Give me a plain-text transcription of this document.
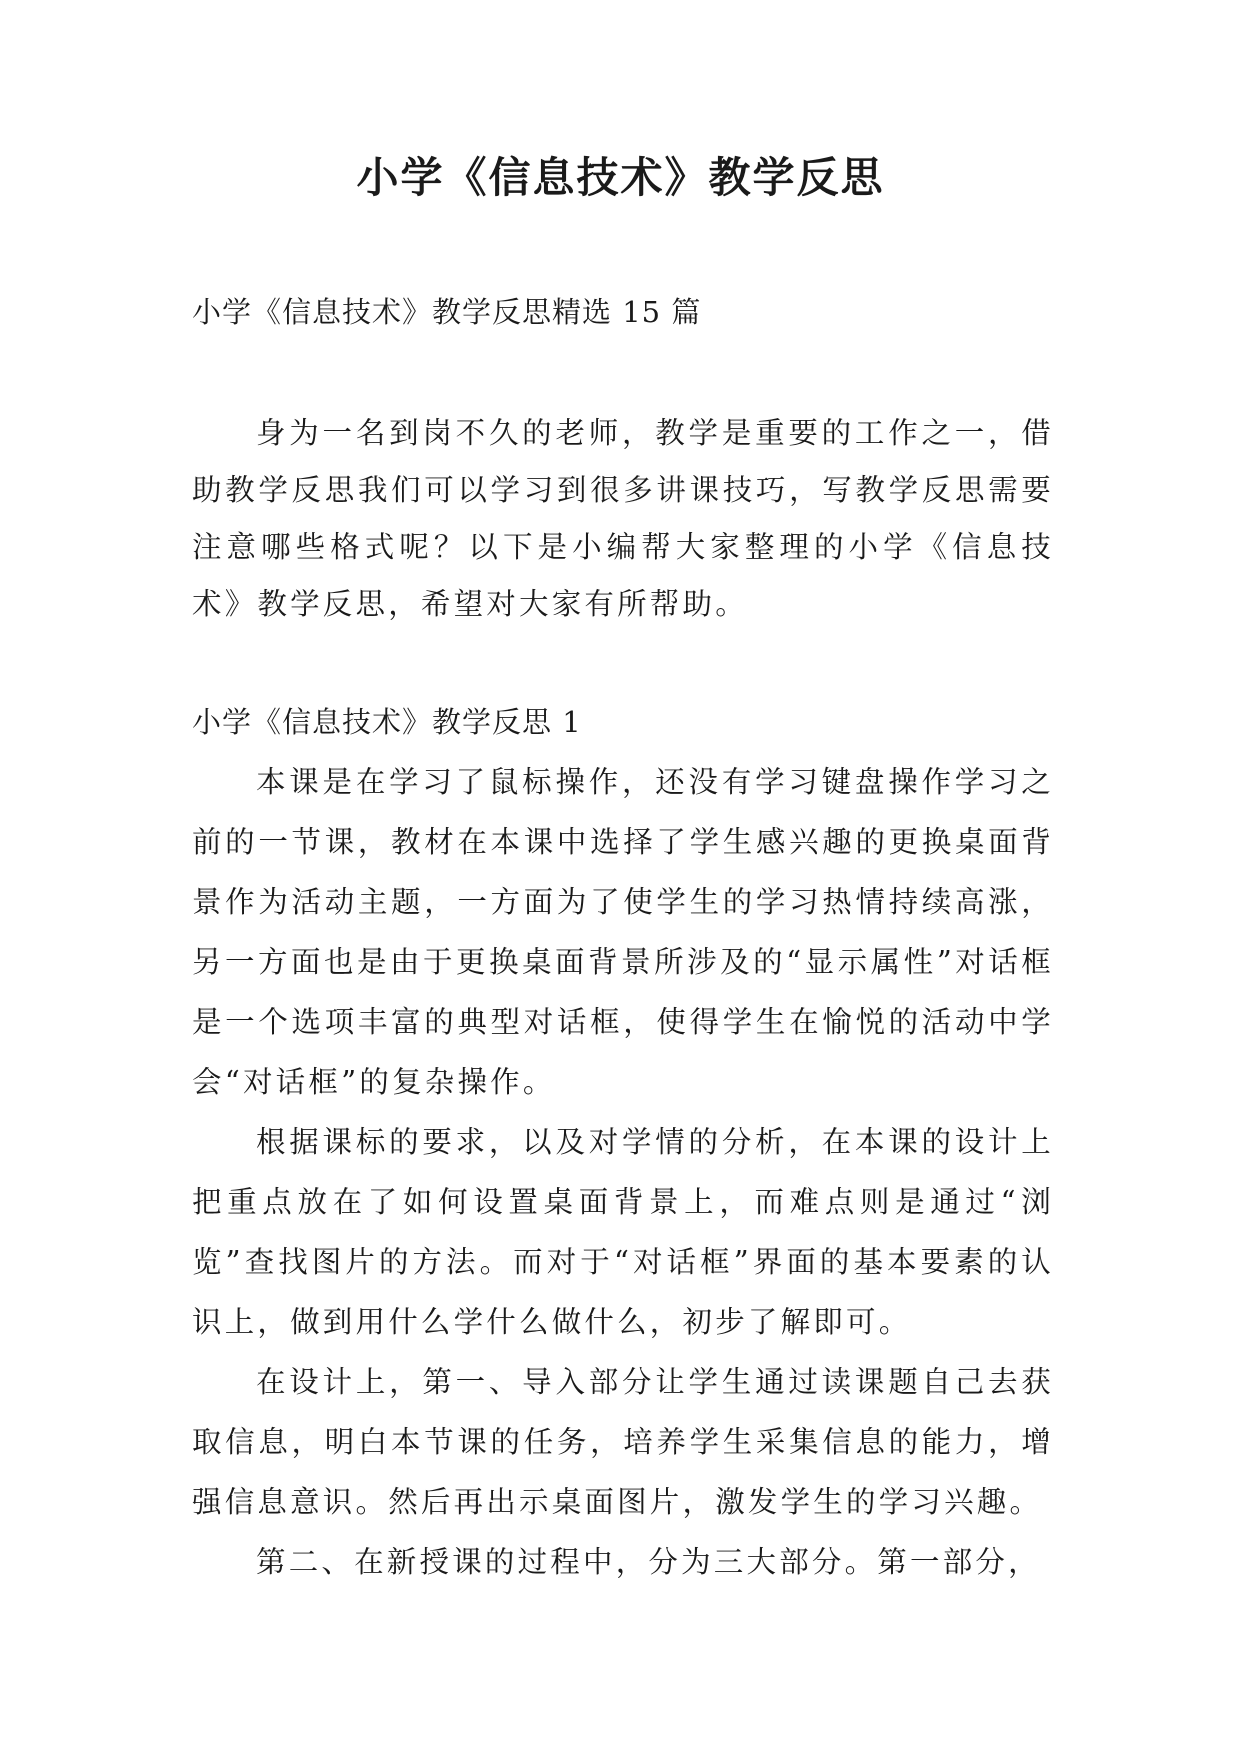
小学《信息技术》教学反思

小学《信息技术》教学反思精选 15 篇

身为一名到岗不久的老师，教学是重要的工作之一，借助教学反思我们可以学习到很多讲课技巧，写教学反思需要注意哪些格式呢？以下是小编帮大家整理的小学《信息技术》教学反思，希望对大家有所帮助。

小学《信息技术》教学反思 1

本课是在学习了鼠标操作，还没有学习键盘操作学习之前的一节课，教材在本课中选择了学生感兴趣的更换桌面背景作为活动主题，一方面为了使学生的学习热情持续高涨，另一方面也是由于更换桌面背景所涉及的“显示属性”对话框是一个选项丰富的典型对话框，使得学生在愉悦的活动中学会“对话框”的复杂操作。

根据课标的要求，以及对学情的分析，在本课的设计上把重点放在了如何设置桌面背景上，而难点则是通过“浏览”查找图片的方法。而对于“对话框”界面的基本要素的认识上，做到用什么学什么做什么，初步了解即可。

在设计上，第一、导入部分让学生通过读课题自己去获取信息，明白本节课的任务，培养学生采集信息的能力，增强信息意识。然后再出示桌面图片，激发学生的学习兴趣。

第二、在新授课的过程中，分为三大部分。第一部分，
